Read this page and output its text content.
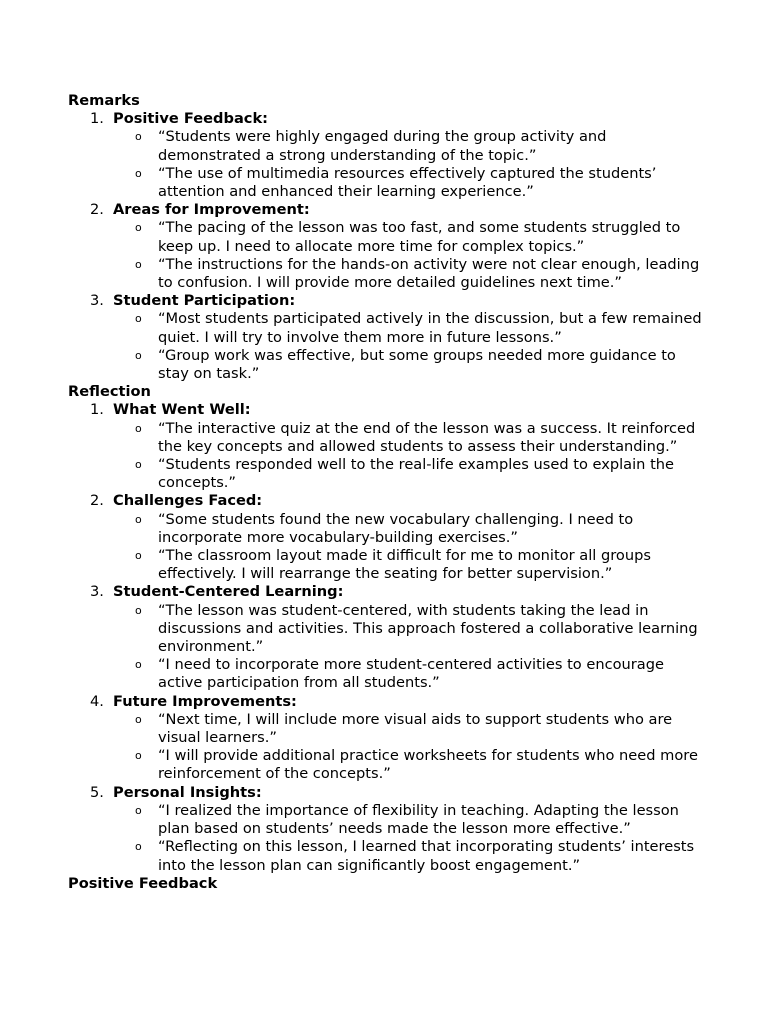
Remarks

1. Positive Feedback:
o “Students were highly engaged during the group activity and demonstrated a strong understanding of the topic.”
o “The use of multimedia resources effectively captured the students’ attention and enhanced their learning experience.”
2. Areas for Improvement:
o “The pacing of the lesson was too fast, and some students struggled to keep up. I need to allocate more time for complex topics.”
o “The instructions for the hands-on activity were not clear enough, leading to confusion. I will provide more detailed guidelines next time.”
3. Student Participation:
o “Most students participated actively in the discussion, but a few remained quiet. I will try to involve them more in future lessons.”
o “Group work was effective, but some groups needed more guidance to stay on task.”

Reflection

1. What Went Well:
o “The interactive quiz at the end of the lesson was a success. It reinforced the key concepts and allowed students to assess their understanding.”
o “Students responded well to the real-life examples used to explain the concepts.”
2. Challenges Faced:
o “Some students found the new vocabulary challenging. I need to incorporate more vocabulary-building exercises.”
o “The classroom layout made it difficult for me to monitor all groups effectively. I will rearrange the seating for better supervision.”
3. Student-Centered Learning:
o “The lesson was student-centered, with students taking the lead in discussions and activities. This approach fostered a collaborative learning environment.”
o “I need to incorporate more student-centered activities to encourage active participation from all students.”
4. Future Improvements:
o “Next time, I will include more visual aids to support students who are visual learners.”
o “I will provide additional practice worksheets for students who need more reinforcement of the concepts.”
5. Personal Insights:
o “I realized the importance of flexibility in teaching. Adapting the lesson plan based on students’ needs made the lesson more effective.”
o “Reflecting on this lesson, I learned that incorporating students’ interests into the lesson plan can significantly boost engagement.”

Positive Feedback
